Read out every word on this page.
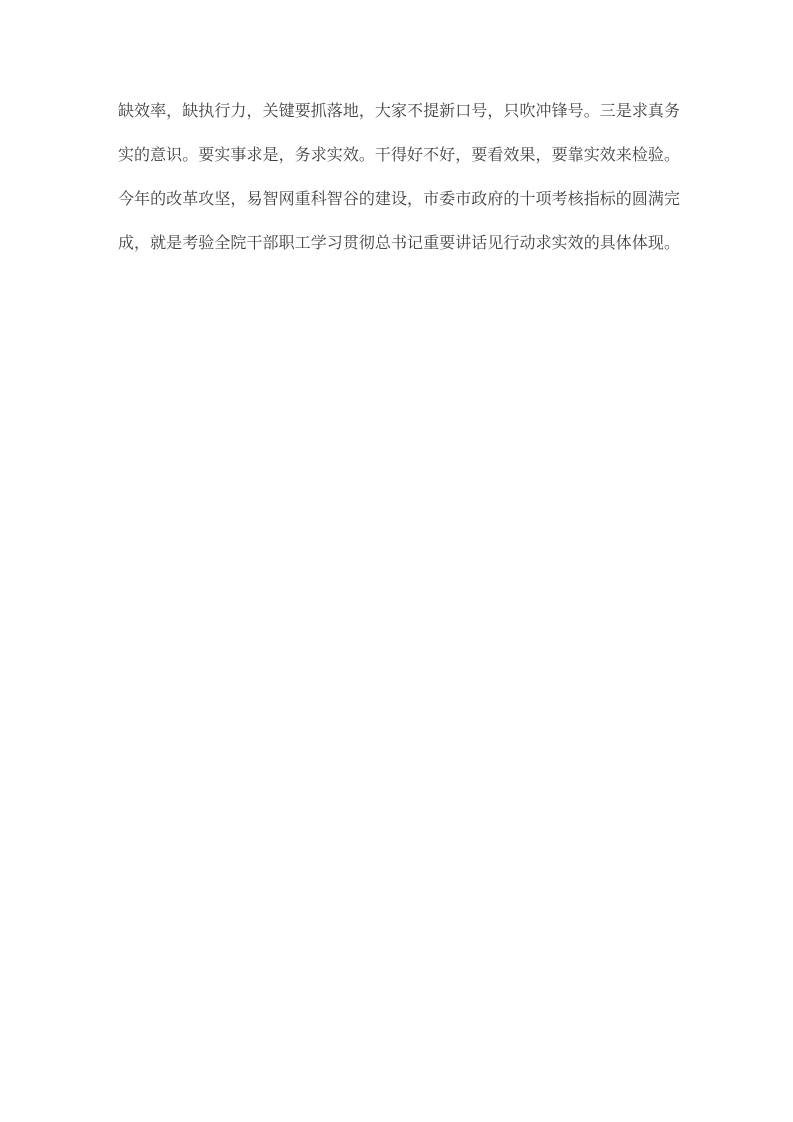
缺效率，缺执行力，关键要抓落地，大家不提新口号，只吹冲锋号。三是求真务
实的意识。要实事求是，务求实效。干得好不好，要看效果，要靠实效来检验。
今年的改革攻坚，易智网重科智谷的建设，市委市政府的十项考核指标的圆满完
成，就是考验全院干部职工学习贯彻总书记重要讲话见行动求实效的具体体现。
